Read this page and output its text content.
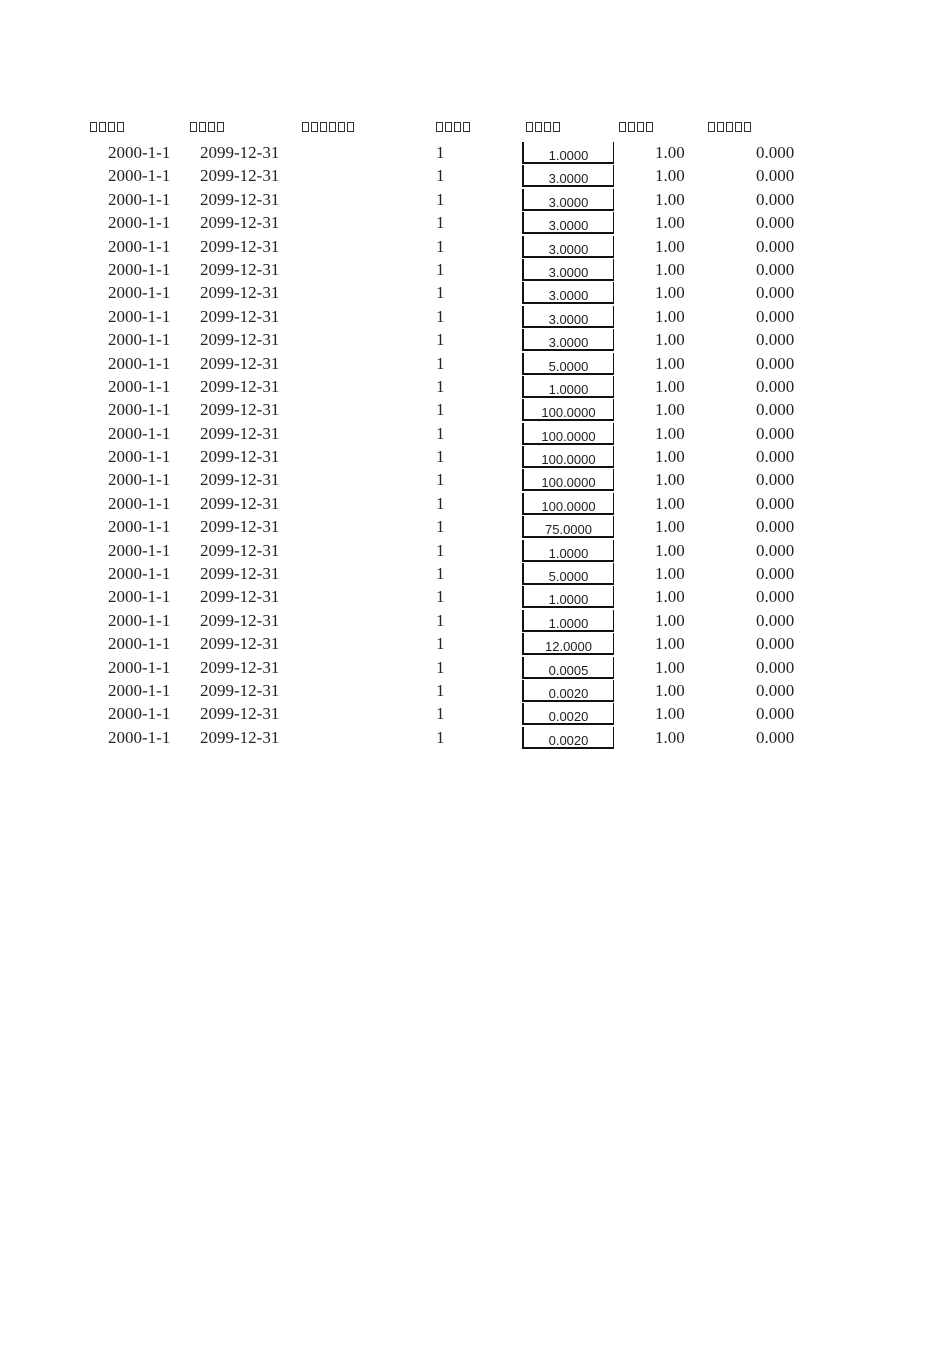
2000-1-1 2099-12-31	1	1.0000	1.00	0.000
2000-1-1 2099-12-31	1	3.0000	1.00	0.000
2000-1-1 2099-12-31	1	3.0000	1.00	0.000
2000-1-1 2099-12-31	1	3.0000	1.00	0.000
2000-1-1 2099-12-31	1	3.0000	1.00	0.000
2000-1-1 2099-12-31	1	3.0000	1.00	0.000
2000-1-1 2099-12-31	1	3.0000	1.00	0.000
2000-1-1 2099-12-31	1	3.0000	1.00	0.000
2000-1-1 2099-12-31	1	3.0000	1.00	0.000
2000-1-1 2099-12-31	1	5.0000	1.00	0.000
2000-1-1 2099-12-31	1	1.0000	1.00	0.000
2000-1-1 2099-12-31	1	100.0000	1.00	0.000
2000-1-1 2099-12-31	1	100.0000	1.00	0.000
2000-1-1 2099-12-31	1	100.0000	1.00	0.000
2000-1-1 2099-12-31	1	100.0000	1.00	0.000
2000-1-1 2099-12-31	1	100.0000	1.00	0.000
2000-1-1 2099-12-31	1	75.0000	1.00	0.000
2000-1-1 2099-12-31	1	1.0000	1.00	0.000
2000-1-1 2099-12-31	1	5.0000	1.00	0.000
2000-1-1 2099-12-31	1	1.0000	1.00	0.000
2000-1-1 2099-12-31	1	1.0000	1.00	0.000
2000-1-1 2099-12-31	1	12.0000	1.00	0.000
2000-1-1 2099-12-31	1	0.0005	1.00	0.000
2000-1-1 2099-12-31	1	0.0020	1.00	0.000
2000-1-1 2099-12-31	1	0.0020	1.00	0.000
2000-1-1 2099-12-31	1	0.0020	1.00	0.000
